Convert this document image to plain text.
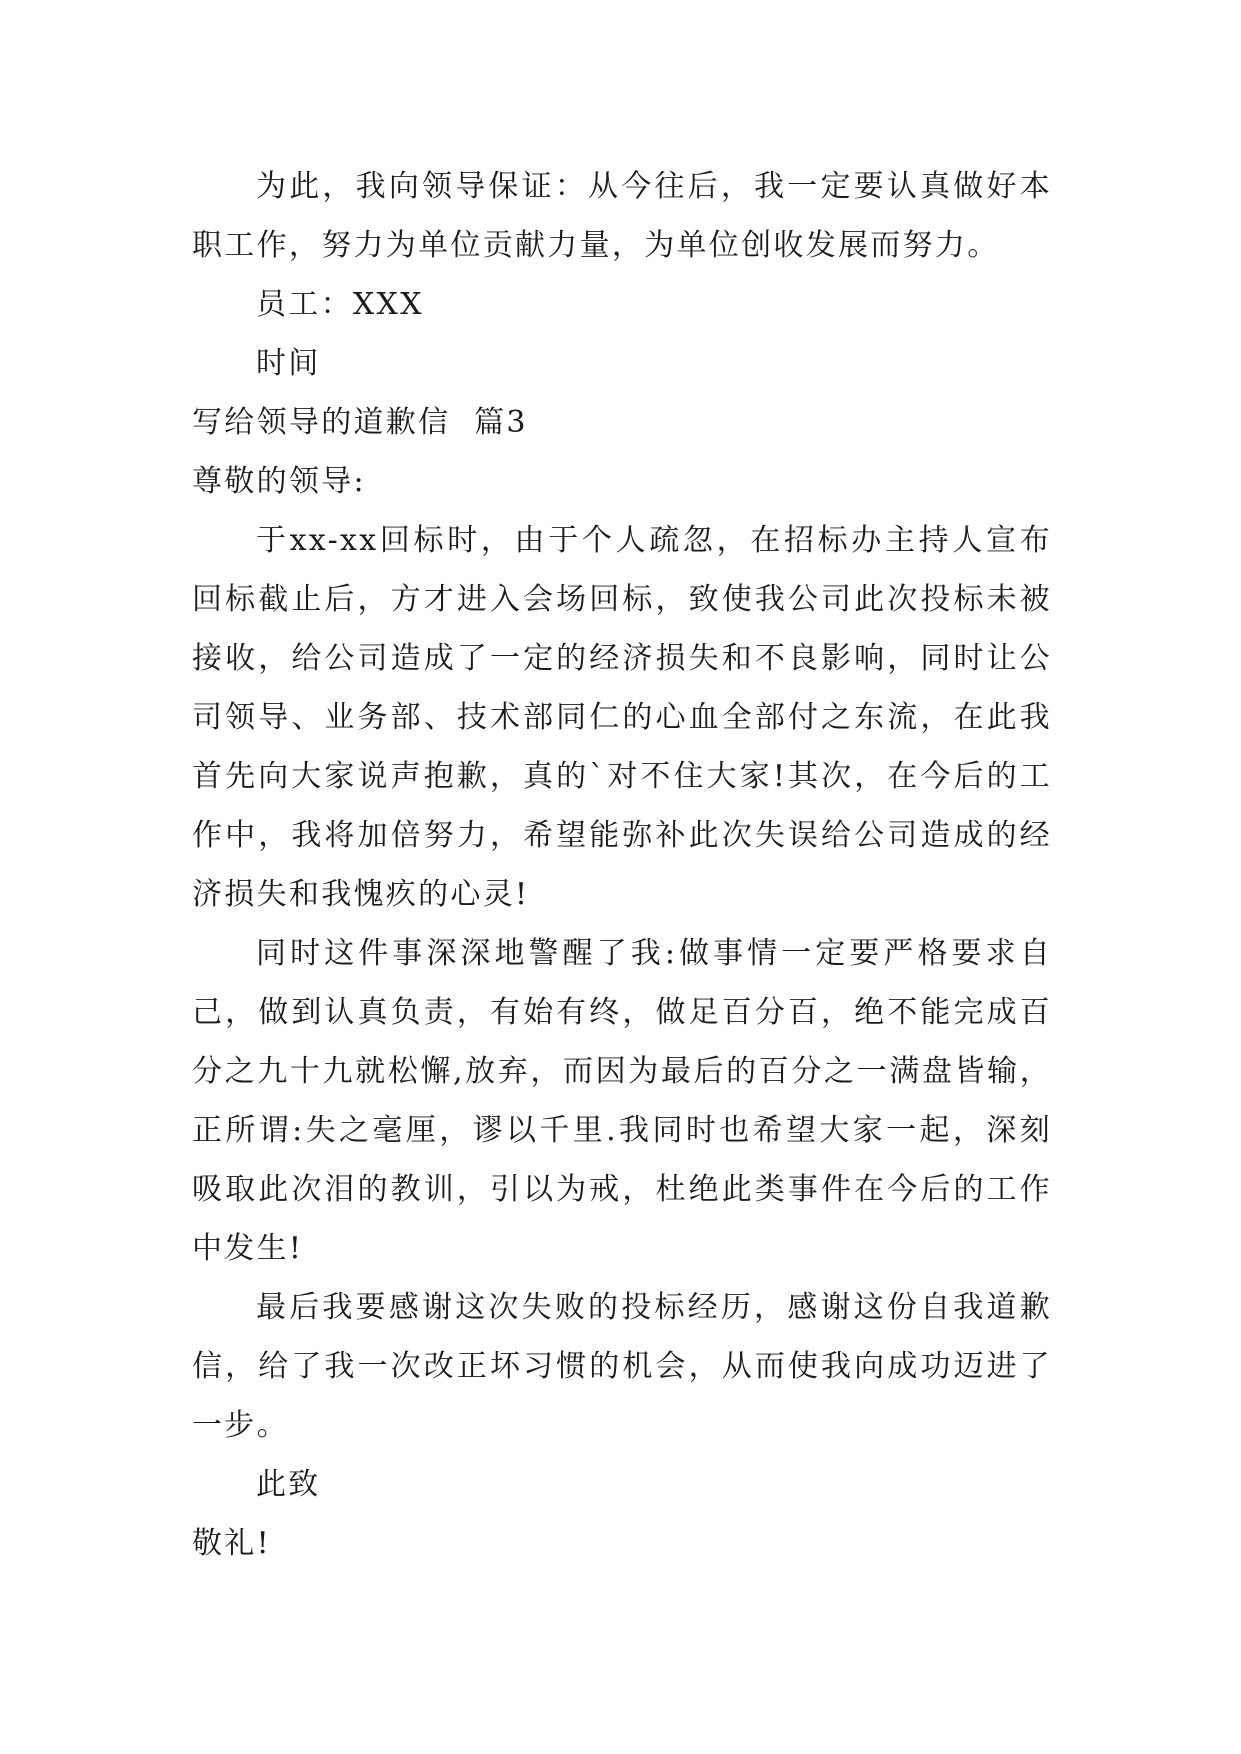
为此，我向领导保证：从今往后，我一定要认真做好本职工作，努力为单位贡献力量，为单位创收发展而努力。

员工：XXX

时间

写给领导的道歉信  篇3

尊敬的领导:

于xx-xx回标时，由于个人疏忽，在招标办主持人宣布回标截止后，方才进入会场回标，致使我公司此次投标未被接收，给公司造成了一定的经济损失和不良影响，同时让公司领导、业务部、技术部同仁的心血全部付之东流，在此我首先向大家说声抱歉，真的`对不住大家!其次，在今后的工作中，我将加倍努力，希望能弥补此次失误给公司造成的经济损失和我愧疚的心灵!

同时这件事深深地警醒了我:做事情一定要严格要求自己，做到认真负责，有始有终，做足百分百，绝不能完成百分之九十九就松懈,放弃，而因为最后的百分之一满盘皆输，正所谓:失之毫厘，谬以千里.我同时也希望大家一起，深刻吸取此次泪的教训，引以为戒，杜绝此类事件在今后的工作中发生!

最后我要感谢这次失败的投标经历，感谢这份自我道歉信，给了我一次改正坏习惯的机会，从而使我向成功迈进了一步。

此致

敬礼!
